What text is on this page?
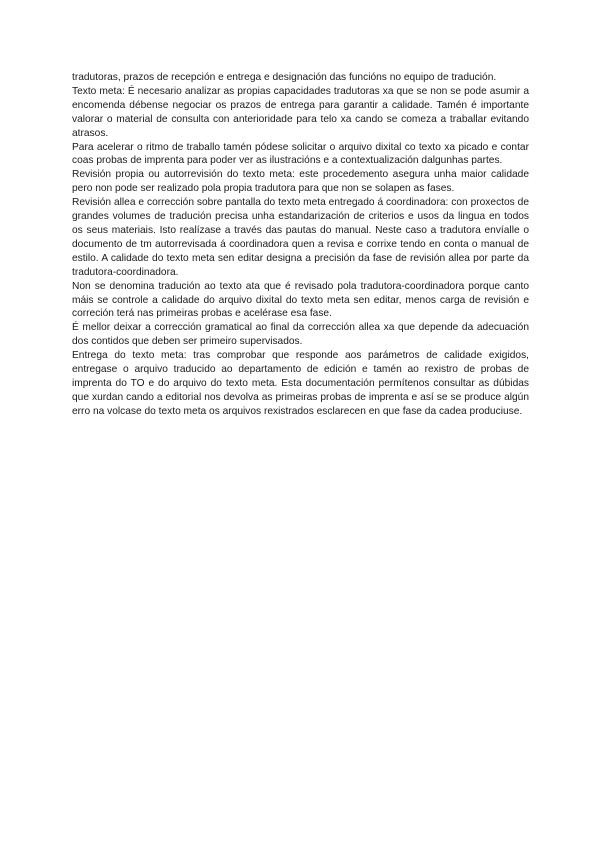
tradutoras, prazos de recepción e entrega e designación das funcións no equipo de tradución.

Texto meta: É necesario analizar as propias capacidades tradutoras xa que se non se pode asumir a encomenda débense negociar os prazos de entrega para garantir a calidade. Tamén é importante valorar o material de consulta con anterioridade para telo xa cando se comeza a traballar evitando atrasos.

Para acelerar o ritmo de traballo tamén pódese solicitar o arquivo dixital co texto xa picado e contar coas probas de imprenta para poder ver as ilustracións e a contextualización dalgunhas partes.

Revisión propia ou autorrevisión do texto meta: este procedemento asegura unha maior calidade pero non pode ser realizado pola propia tradutora para que non se solapen as fases.

Revisión allea e corrección sobre pantalla do texto meta entregado á coordinadora: con proxectos de grandes volumes de tradución precisa unha estandarización de criterios e usos da lingua en todos os seus materiais. Isto realízase a través das pautas do manual. Neste caso a tradutora envíalle o documento de tm autorrevisada á coordinadora quen a revisa e corrixe tendo en conta o manual de estilo. A calidade do texto meta sen editar designa a precisión da fase de revisión allea por parte da tradutora-coordinadora.

Non se denomina tradución ao texto ata que é revisado pola tradutora-coordinadora porque canto máis se controle a calidade do arquivo dixital do texto meta sen editar, menos carga de revisión e correción terá nas primeiras probas e acelérase esa fase.

É mellor deixar a corrección gramatical ao final da corrección allea xa que depende da adecuación dos contidos que deben ser primeiro supervisados.

Entrega do texto meta: tras comprobar que responde aos parámetros de calidade exigidos, entregase o arquivo traducido ao departamento de edición e tamén ao rexistro de probas de imprenta do TO e do arquivo do texto meta. Esta documentación permítenos consultar as dúbidas que xurdan cando a editorial nos devolva as primeiras probas de imprenta e así se se produce algún erro na volcase do texto meta os arquivos rexistrados esclarecen en que fase da cadea produciuse.
